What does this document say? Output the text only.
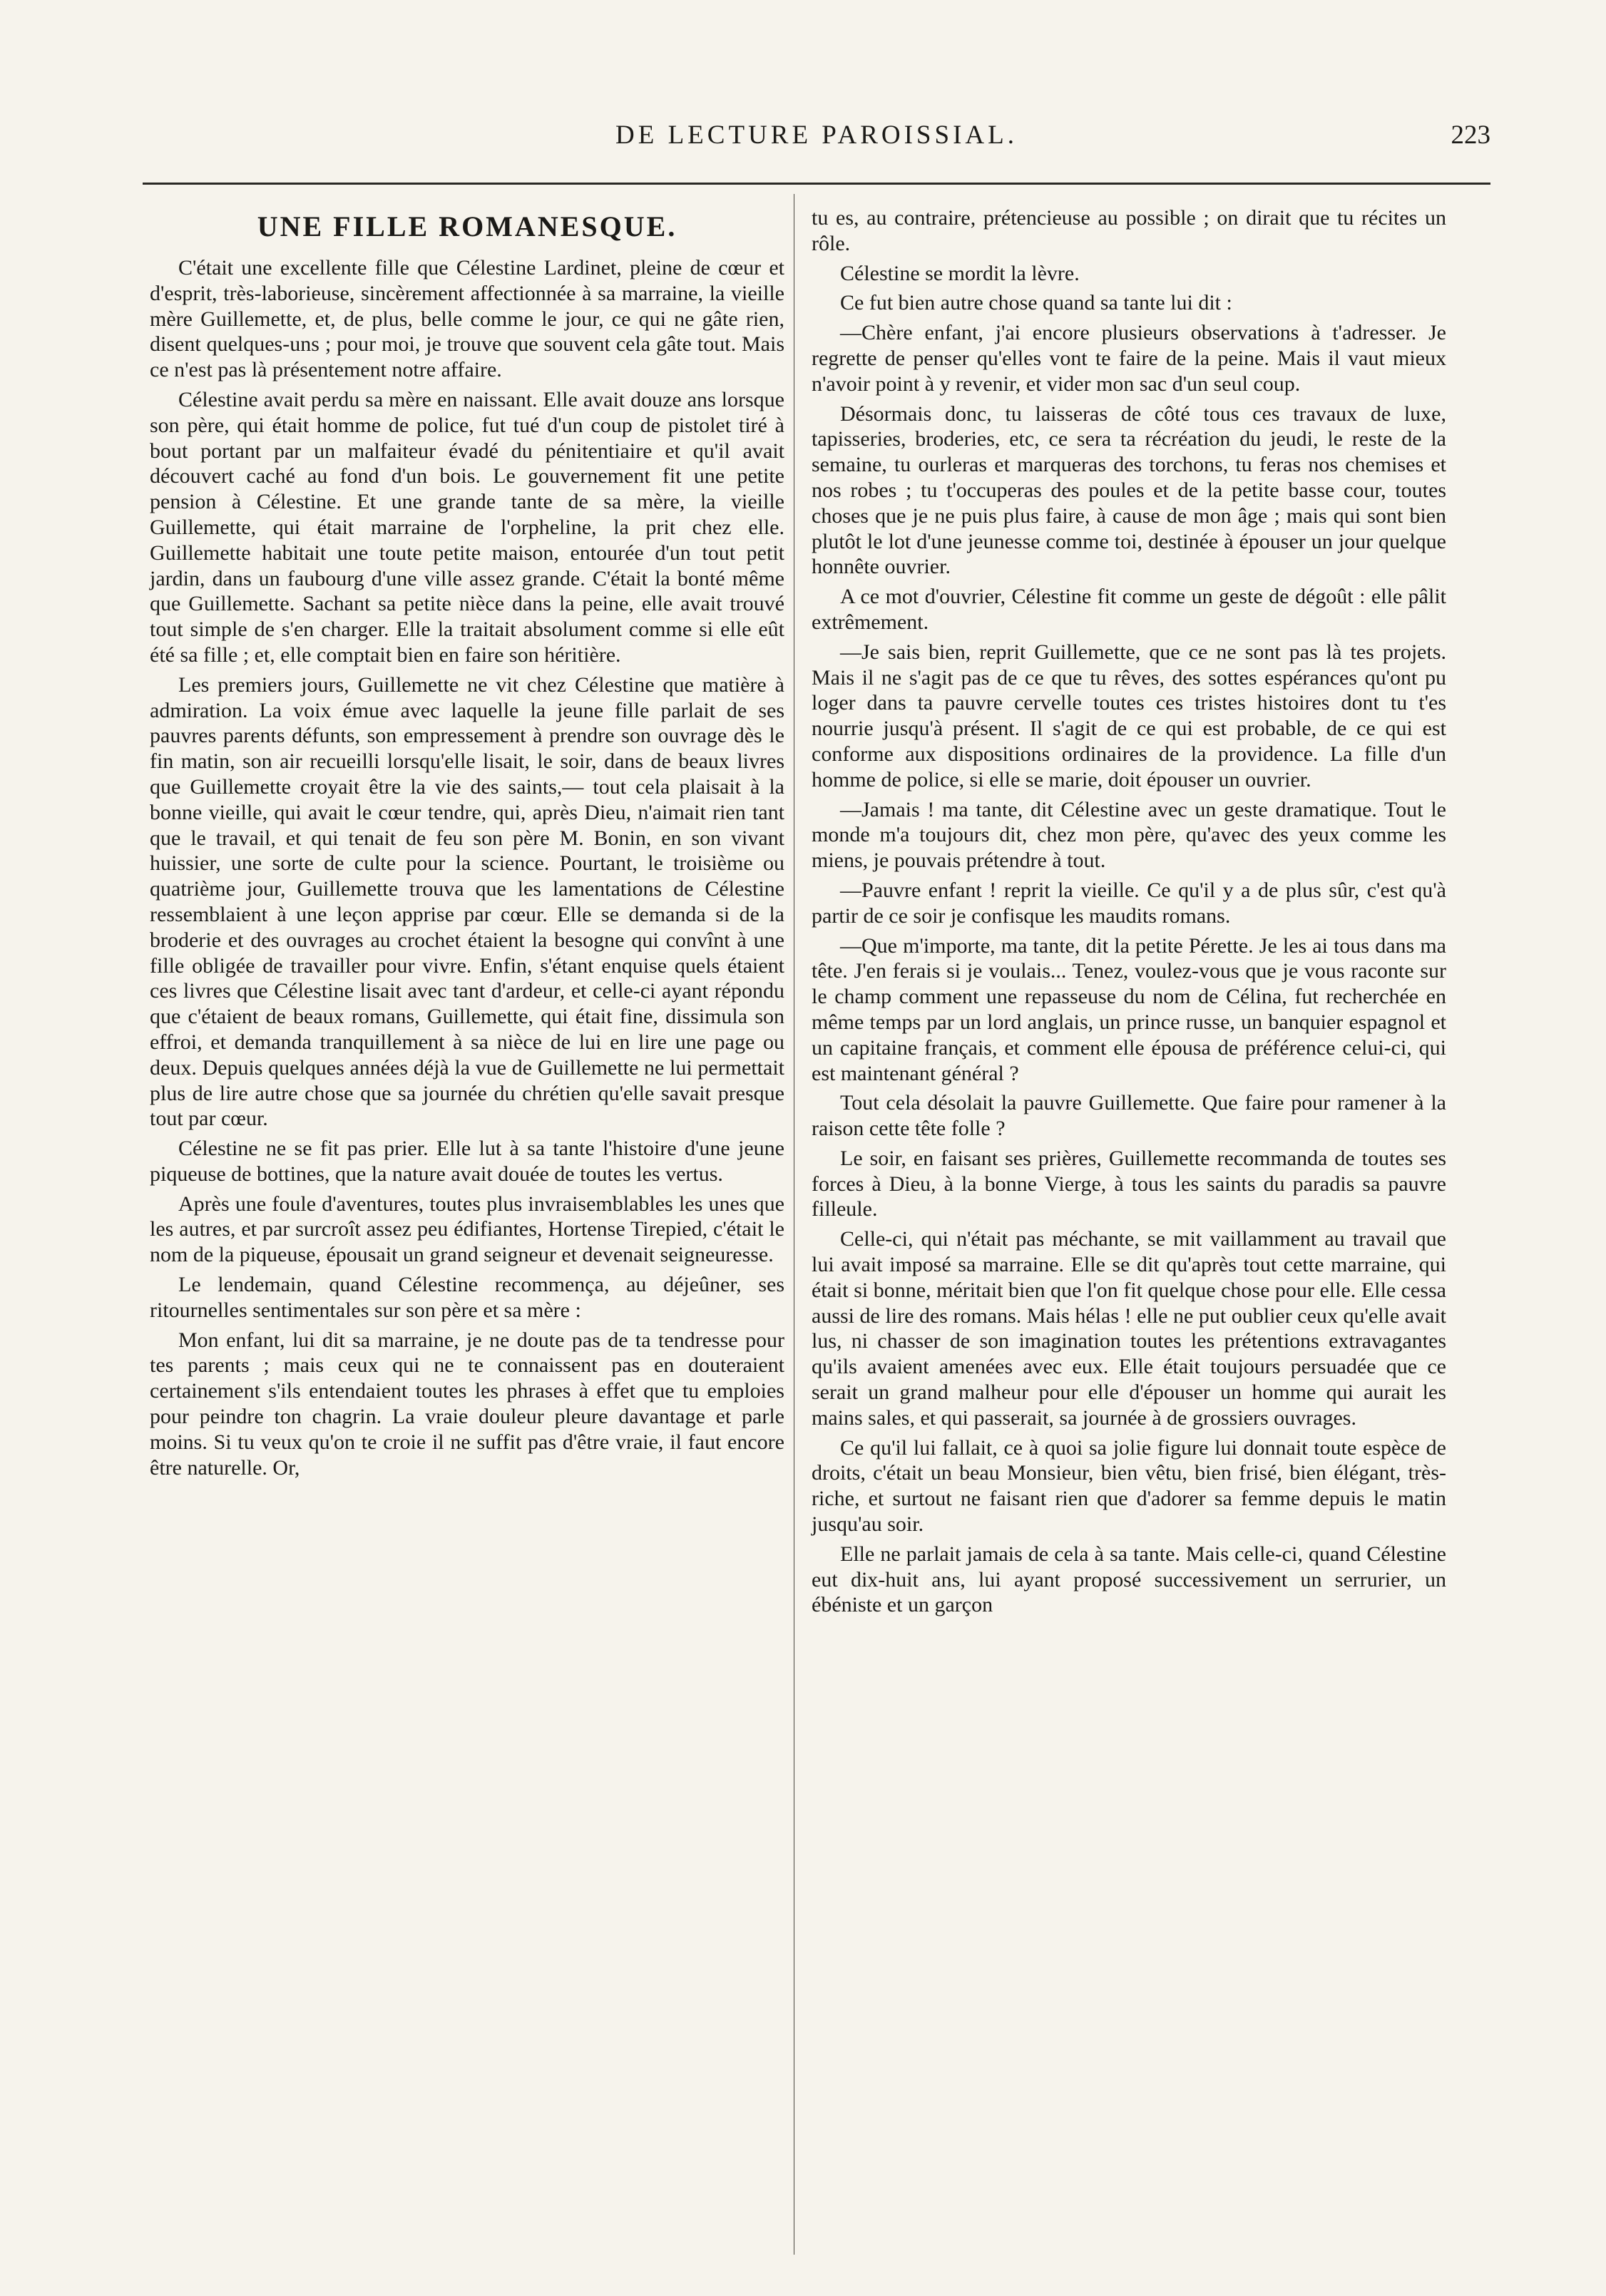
DE LECTURE PAROISSIAL.	223
UNE FILLE ROMANESQUE.

C'était une excellente fille que Célestine Lardinet, pleine de cœur et d'esprit, très-laborieuse, sincèrement affectionnée à sa marraine, la vieille mère Guillemette, et, de plus, belle comme le jour, ce qui ne gâte rien, disent quelques-uns ; pour moi, je trouve que souvent cela gâte tout. Mais ce n'est pas là présentement notre affaire.

Célestine avait perdu sa mère en naissant. Elle avait douze ans lorsque son père, qui était homme de police, fut tué d'un coup de pistolet tiré à bout portant par un malfaiteur évadé du pénitentiaire et qu'il avait découvert caché au fond d'un bois. Le gouvernement fit une petite pension à Célestine. Et une grande tante de sa mère, la vieille Guillemette, qui était marraine de l'orpheline, la prit chez elle. Guillemette habitait une toute petite maison, entourée d'un tout petit jardin, dans un faubourg d'une ville assez grande. C'était la bonté même que Guillemette. Sachant sa petite nièce dans la peine, elle avait trouvé tout simple de s'en charger. Elle la traitait absolument comme si elle eût été sa fille ; et, elle comptait bien en faire son héritière.

Les premiers jours, Guillemette ne vit chez Célestine que matière à admiration. La voix émue avec laquelle la jeune fille parlait de ses pauvres parents défunts, son empressement à prendre son ouvrage dès le fin matin, son air recueilli lorsqu'elle lisait, le soir, dans de beaux livres que Guillemette croyait être la vie des saints,— tout cela plaisait à la bonne vieille, qui avait le cœur tendre, qui, après Dieu, n'aimait rien tant que le travail, et qui tenait de feu son père M. Bonin, en son vivant huissier, une sorte de culte pour la science. Pourtant, le troisième ou quatrième jour, Guillemette trouva que les lamentations de Célestine ressemblaient à une leçon apprise par cœur. Elle se demanda si de la broderie et des ouvrages au crochet étaient la besogne qui convînt à une fille obligée de travailler pour vivre. Enfin, s'étant enquise quels étaient ces livres que Célestine lisait avec tant d'ardeur, et celle-ci ayant répondu que c'étaient de beaux romans, Guillemette, qui était fine, dissimula son effroi, et demanda tranquillement à sa nièce de lui en lire une page ou deux. Depuis quelques années déjà la vue de Guillemette ne lui permettait plus de lire autre chose que sa journée du chrétien qu'elle savait presque tout par cœur.

Célestine ne se fit pas prier. Elle lut à sa tante l'histoire d'une jeune piqueuse de bottines, que la nature avait douée de toutes les vertus.

Après une foule d'aventures, toutes plus invraisemblables les unes que les autres, et par surcroît assez peu édifiantes, Hortense Tirepied, c'était le nom de la piqueuse, épousait un grand seigneur et devenait seigneuresse.

Le lendemain, quand Célestine recommença, au déjeûner, ses ritournelles sentimentales sur son père et sa mère :

Mon enfant, lui dit sa marraine, je ne doute pas de ta tendresse pour tes parents ; mais ceux qui ne te connaissent pas en douteraient certainement s'ils entendaient toutes les phrases à effet que tu emploies pour peindre ton chagrin. La vraie douleur pleure davantage et parle moins. Si tu veux qu'on te croie il ne suffit pas d'être vraie, il faut encore être naturelle. Or,

tu es, au contraire, prétencieuse au possible ; on dirait que tu récites un rôle.

Célestine se mordit la lèvre.

Ce fut bien autre chose quand sa tante lui dit :

—Chère enfant, j'ai encore plusieurs observations à t'adresser. Je regrette de penser qu'elles vont te faire de la peine. Mais il vaut mieux n'avoir point à y revenir, et vider mon sac d'un seul coup.

Désormais donc, tu laisseras de côté tous ces travaux de luxe, tapisseries, broderies, etc, ce sera ta récréation du jeudi, le reste de la semaine, tu ourleras et marqueras des torchons, tu feras nos chemises et nos robes ; tu t'occuperas des poules et de la petite basse cour, toutes choses que je ne puis plus faire, à cause de mon âge ; mais qui sont bien plutôt le lot d'une jeunesse comme toi, destinée à épouser un jour quelque honnête ouvrier.

A ce mot d'ouvrier, Célestine fit comme un geste de dégoût : elle pâlit extrêmement.

—Je sais bien, reprit Guillemette, que ce ne sont pas là tes projets. Mais il ne s'agit pas de ce que tu rêves, des sottes espérances qu'ont pu loger dans ta pauvre cervelle toutes ces tristes histoires dont tu t'es nourrie jusqu'à présent. Il s'agit de ce qui est probable, de ce qui est conforme aux dispositions ordinaires de la providence. La fille d'un homme de police, si elle se marie, doit épouser un ouvrier.

—Jamais ! ma tante, dit Célestine avec un geste dramatique. Tout le monde m'a toujours dit, chez mon père, qu'avec des yeux comme les miens, je pouvais prétendre à tout.

—Pauvre enfant ! reprit la vieille. Ce qu'il y a de plus sûr, c'est qu'à partir de ce soir je confisque les maudits romans.

—Que m'importe, ma tante, dit la petite Pérette. Je les ai tous dans ma tête. J'en ferais si je voulais... Tenez, voulez-vous que je vous raconte sur le champ comment une repasseuse du nom de Célina, fut recherchée en même temps par un lord anglais, un prince russe, un banquier espagnol et un capitaine français, et comment elle épousa de préférence celui-ci, qui est maintenant général ?

Tout cela désolait la pauvre Guillemette. Que faire pour ramener à la raison cette tête folle ?

Le soir, en faisant ses prières, Guillemette recommanda de toutes ses forces à Dieu, à la bonne Vierge, à tous les saints du paradis sa pauvre filleule.

Celle-ci, qui n'était pas méchante, se mit vaillamment au travail que lui avait imposé sa marraine. Elle se dit qu'après tout cette marraine, qui était si bonne, méritait bien que l'on fit quelque chose pour elle. Elle cessa aussi de lire des romans. Mais hélas ! elle ne put oublier ceux qu'elle avait lus, ni chasser de son imagination toutes les prétentions extravagantes qu'ils avaient amenées avec eux. Elle était toujours persuadée que ce serait un grand malheur pour elle d'épouser un homme qui aurait les mains sales, et qui passerait, sa journée à de grossiers ouvrages.

Ce qu'il lui fallait, ce à quoi sa jolie figure lui donnait toute espèce de droits, c'était un beau Monsieur, bien vêtu, bien frisé, bien élégant, très-riche, et surtout ne faisant rien que d'adorer sa femme depuis le matin jusqu'au soir.

Elle ne parlait jamais de cela à sa tante. Mais celle-ci, quand Célestine eut dix-huit ans, lui ayant proposé successivement un serrurier, un ébéniste et un garçon
